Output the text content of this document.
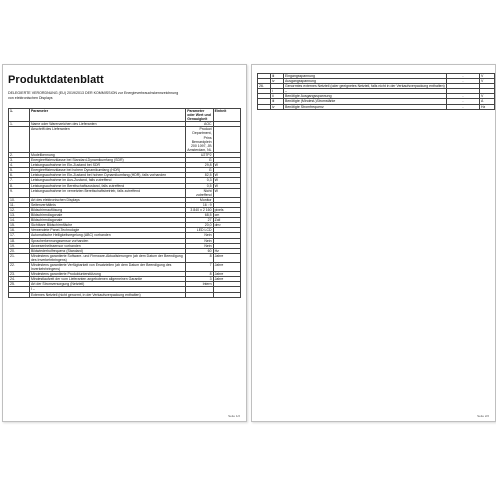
Produktdatenblatt
DELEGIERTE VERORDNUNG (EU) 2019/2013 DER KOMMISSION zur Energieverbrauchskennzeichnung von elektronischen Displays
1.	Parameter	Parameter oder Wert und Genauigkeit	Einheit
1.	Name oder Warenzeichen des Lieferanten	AOC	
	Anschrift des Lieferanten	Product Department, Prins Bernardplein 200 1097, JB Amsterdam, NL	
2.	Modellkennung	U27P2	
3.	Energieeffizienzklasse bei Standard-Dynamikumfang (SDR)	G	
4.	Leistungsaufnahme im Ein-Zustand bei SDR	29,8	W
5.	Energieeffizienzklasse bei hohem Dynamikumfang (HDR)	G	
6.	Leistungsaufnahme im Ein-Zustand bei hohem Dynamikumfang (HDR), falls vorhanden	82,5	W
7.	Leistungsaufnahme im Aus-Zustand, falls zutreffend	0,3	W
8.	Leistungsaufnahme im Bereitschaftszustand, falls zutreffend	0,5	W
9.	Leistungsaufnahme im vernetzten Bereitschaftsbetrieb, falls zutreffend	Nicht zutreffend	W
10.	Art des elektronischen Displays	Monitor	
11.	Seitenverhältnis	16 : 9	
12.	Bildschirmauflösung	3 840 x 2 160	pixels
13.	Bildschirmdiagonale	68,5	cm
14.	Bildschirmdiagonale	27	Zoll
15.	Sichtbare Bildschirmfläche	20,0	dm²
16.	Verwendete Panel-Technologie	LED LCD	
17.	Automatische Helligkeitsregelung (ABC) vorhanden	Nein	
18.	Spracherkennungssensor vorhanden	Nein	
19.	Anwesenheitssensor vorhanden	Nein	
20.	Bildwiederholfrequenz (Standard)	60	Hz
21.	Mindestens garantierte Software- und Firmware-Aktualisierungen (ab dem Datum der Beendigung des Inverkehrbringens)	8	Jahre
22.	Mindestens garantierte Verfügbarkeit von Ersatzteilen (ab dem Datum der Beendigung des Inverkehrbringens)	7	Jahre
23.	Mindestens garantierte Produktunterstützung	8	Jahre
24.	Mindestlaufzeit der vom Lieferanten angebotenen allgemeinen Garantie	3	Jahre
25.	Art der Stromversorgung (Netzteil)	Intern	
	I –		
	Externes Netzteil (nicht genormt, in der Verkaufsverpackung enthalten)		
Seite 1/2
	iii	Eingangsspannung	-	V
	iv	Ausgangsspannung	-	V
26.		Genormtes externes Netzteil (oder geeignetes Netzteil, falls nicht in der Verkaufsverpackung enthalten)		
	i	–		
	ii	Benötigte Ausgangsspannung	-	V
	iii	Benötigte (Mindest-)Stromstärke	-	A
	iv	Benötigte Stromfrequenz	-	Hz
Seite 2/2
